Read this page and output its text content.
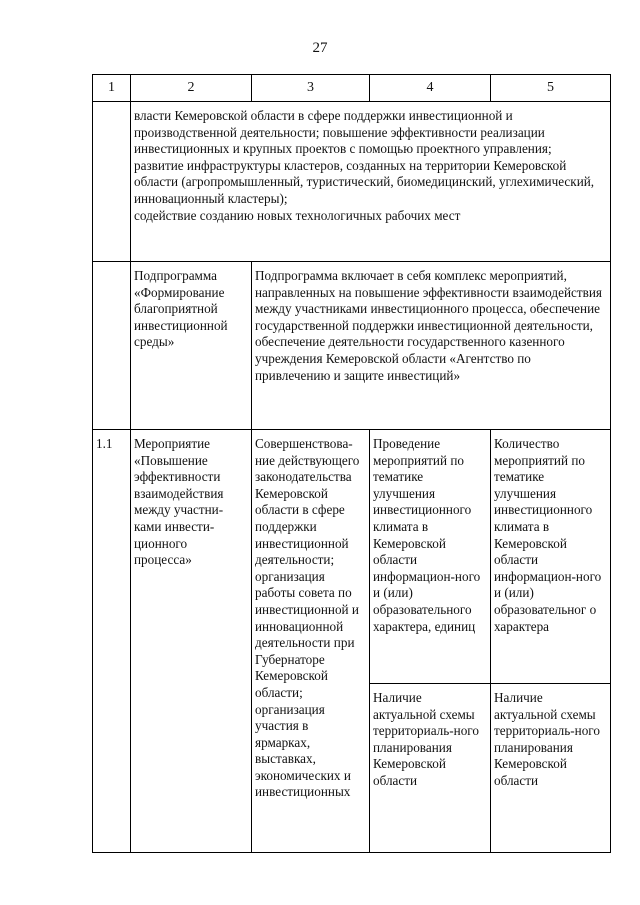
27
1	2	3	4	5
	власти Кемеровской области в сфере поддержки инвестиционной и производственной деятельности; повышение эффективности реализации инвестиционных и крупных проектов с помощью проектного управления;
развитие инфраструктуры кластеров, созданных на территории Кемеровской области (агропромышленный, туристический, биомедицинский, углехимический, инновационный кластеры);
содействие созданию новых технологичных рабочих мест			
	Подпрограмма «Формирование благоприятной инвестиционной среды»	Подпрограмма включает в себя комплекс мероприятий, направленных на повышение эффективности взаимодействия между участниками инвестиционного процесса, обеспечение государственной поддержки инвестиционной деятельности, обеспечение деятельности государственного казенного учреждения Кемеровской области «Агентство по привлечению и защите инвестиций»		
1.1	Мероприятие «Повышение эффективности взаимодействия между участни-ками инвести-ционного процесса»	Совершенствова-ние действующего законодательства Кемеровской области в сфере поддержки инвестиционной деятельности; организация работы совета по инвестиционной и инновационной деятельности при Губернаторе Кемеровской области; организация участия в ярмарках, выставках, экономических и инвестиционных	Проведение мероприятий по тематике улучшения инвестиционного климата в Кемеровской области информацион-ного и (или) образовательного характера, единиц	Количество мероприятий по тематике улучшения инвестиционного климата в Кемеровской области информацион-ного и (или) образовательног о характера
			Наличие актуальной схемы территориаль-ного планирования Кемеровской области	Наличие актуальной схемы территориаль-ного планирования Кемеровской области
